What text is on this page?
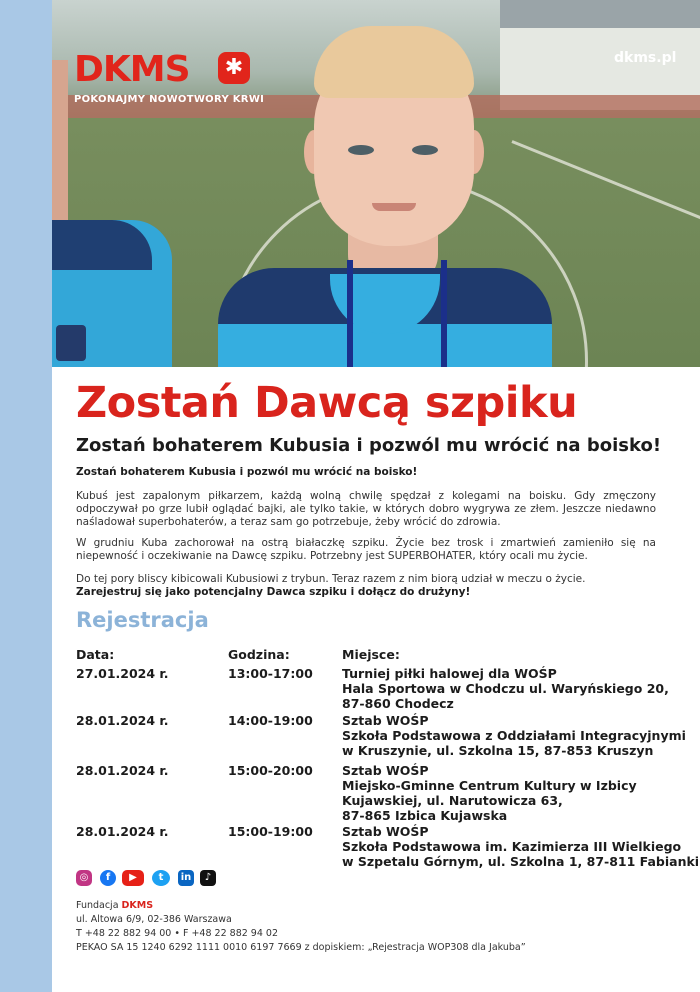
DKMS	✱
POKONAJMY NOWOTWORY KRWI
dkms.pl
Zostań Dawcą szpiku
Zostań bohaterem Kubusia i pozwól mu wrócić na boisko!
Zostań bohaterem Kubusia i pozwól mu wrócić na boisko!

Kubuś jest zapalonym piłkarzem, każdą wolną chwilę spędzał z kolegami na boisku. Gdy zmęczony odpoczywał po grze lubił oglądać bajki, ale tylko takie, w których dobro wygrywa ze złem. Jeszcze niedawno naśladował superbohaterów, a teraz sam go potrzebuje, żeby wrócić do zdrowia.

W grudniu Kuba zachorował na ostrą białaczkę szpiku. Życie bez trosk i zmartwień zamieniło się na niepewność i oczekiwanie na Dawcę szpiku. Potrzebny jest SUPERBOHATER, który ocali mu życie.

Do tej pory bliscy kibicowali Kubusiowi z trybun. Teraz razem z nim biorą udział w meczu o życie.
Zarejestruj się jako potencjalny Dawca szpiku i dołącz do drużyny!

Rejestracja
Data:	Godzina:	Miejsce:
27.01.2024 r.	13:00-17:00	Turniej piłki halowej dla WOŚP
Hala Sportowa w Chodczu ul. Waryńskiego 20,
87-860 Chodecz
28.01.2024 r.	14:00-19:00	Sztab WOŚP
Szkoła Podstawowa z Oddziałami Integracyjnymi
w Kruszynie, ul. Szkolna 15, 87-853 Kruszyn
28.01.2024 r.	15:00-20:00	Sztab WOŚP
Miejsko-Gminne Centrum Kultury w Izbicy
Kujawskiej, ul. Narutowicza 63,
87-865 Izbica Kujawska
28.01.2024 r.	15:00-19:00	Sztab WOŚP
Szkoła Podstawowa im. Kazimierza III Wielkiego
w Szpetalu Górnym, ul. Szkolna 1, 87-811 Fabianki
◎	f	▶	t	in	♪
Fundacja DKMS
ul. Altowa 6/9, 02-386 Warszawa
T +48 22 882 94 00 • F +48 22 882 94 02
PEKAO SA 15 1240 6292 1111 0010 6197 7669 z dopiskiem: „Rejestracja WOP308 dla Jakuba”
